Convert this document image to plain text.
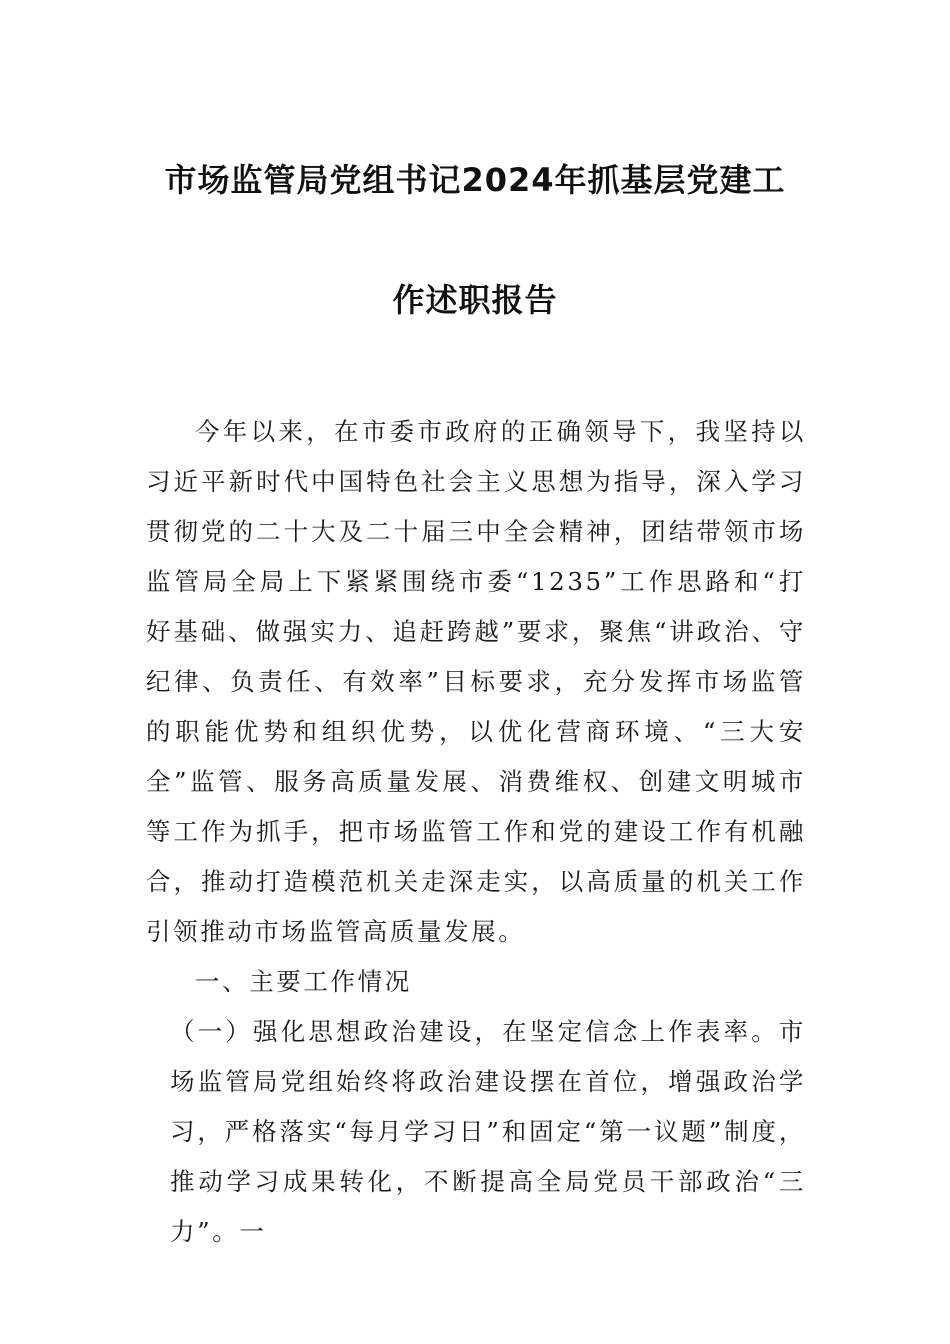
市场监管局党组书记2024年抓基层党建工
作述职报告

今年以来，在市委市政府的正确领导下，我坚持以习近平新时代中国特色社会主义思想为指导，深入学习贯彻党的二十大及二十届三中全会精神，团结带领市场监管局全局上下紧紧围绕市委“1235”工作思路和“打好基础、做强实力、追赶跨越”要求，聚焦“讲政治、守纪律、负责任、有效率”目标要求，充分发挥市场监管的职能优势和组织优势，以优化营商环境、“三大安全”监管、服务高质量发展、消费维权、创建文明城市等工作为抓手，把市场监管工作和党的建设工作有机融合，推动打造模范机关走深走实，以高质量的机关工作引领推动市场监管高质量发展。

一、主要工作情况

（一）强化思想政治建设，在坚定信念上作表率。市场监管局党组始终将政治建设摆在首位，增强政治学习，严格落实“每月学习日”和固定“第一议题”制度，推动学习成果转化，不断提高全局党员干部政治“三力”。一
